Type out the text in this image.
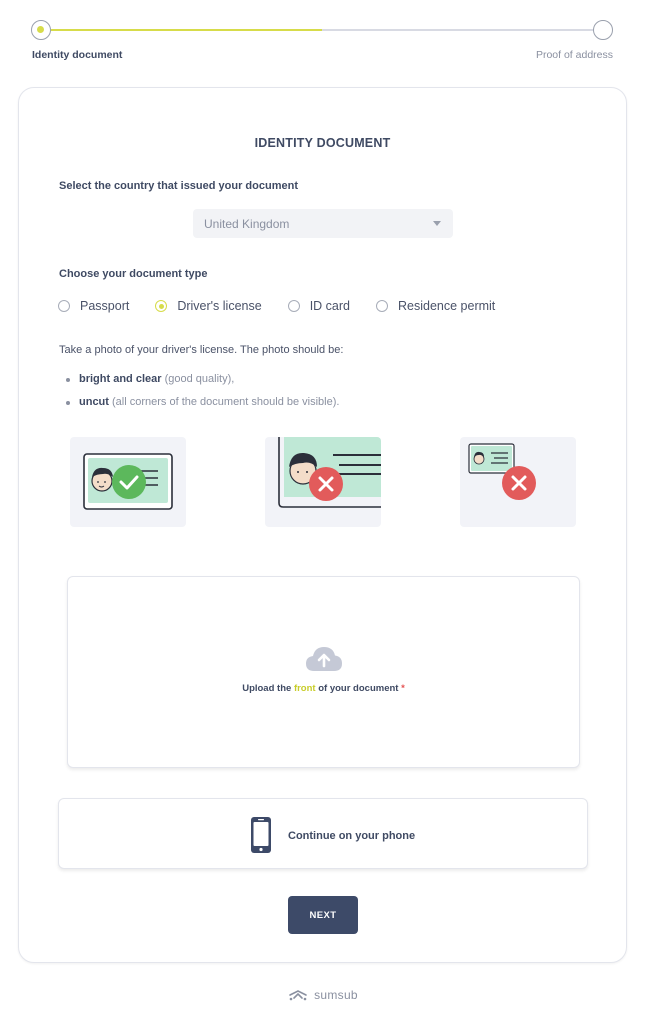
Identity document	Proof of address
IDENTITY DOCUMENT
Select the country that issued your document
United Kingdom
Choose your document type
Passport	Driver's license	ID card	Residence permit
Take a photo of your driver's license. The photo should be:
bright and clear (good quality),
uncut (all corners of the document should be visible).
Upload the front of your document *
Continue on your phone
NEXT
sumsub
